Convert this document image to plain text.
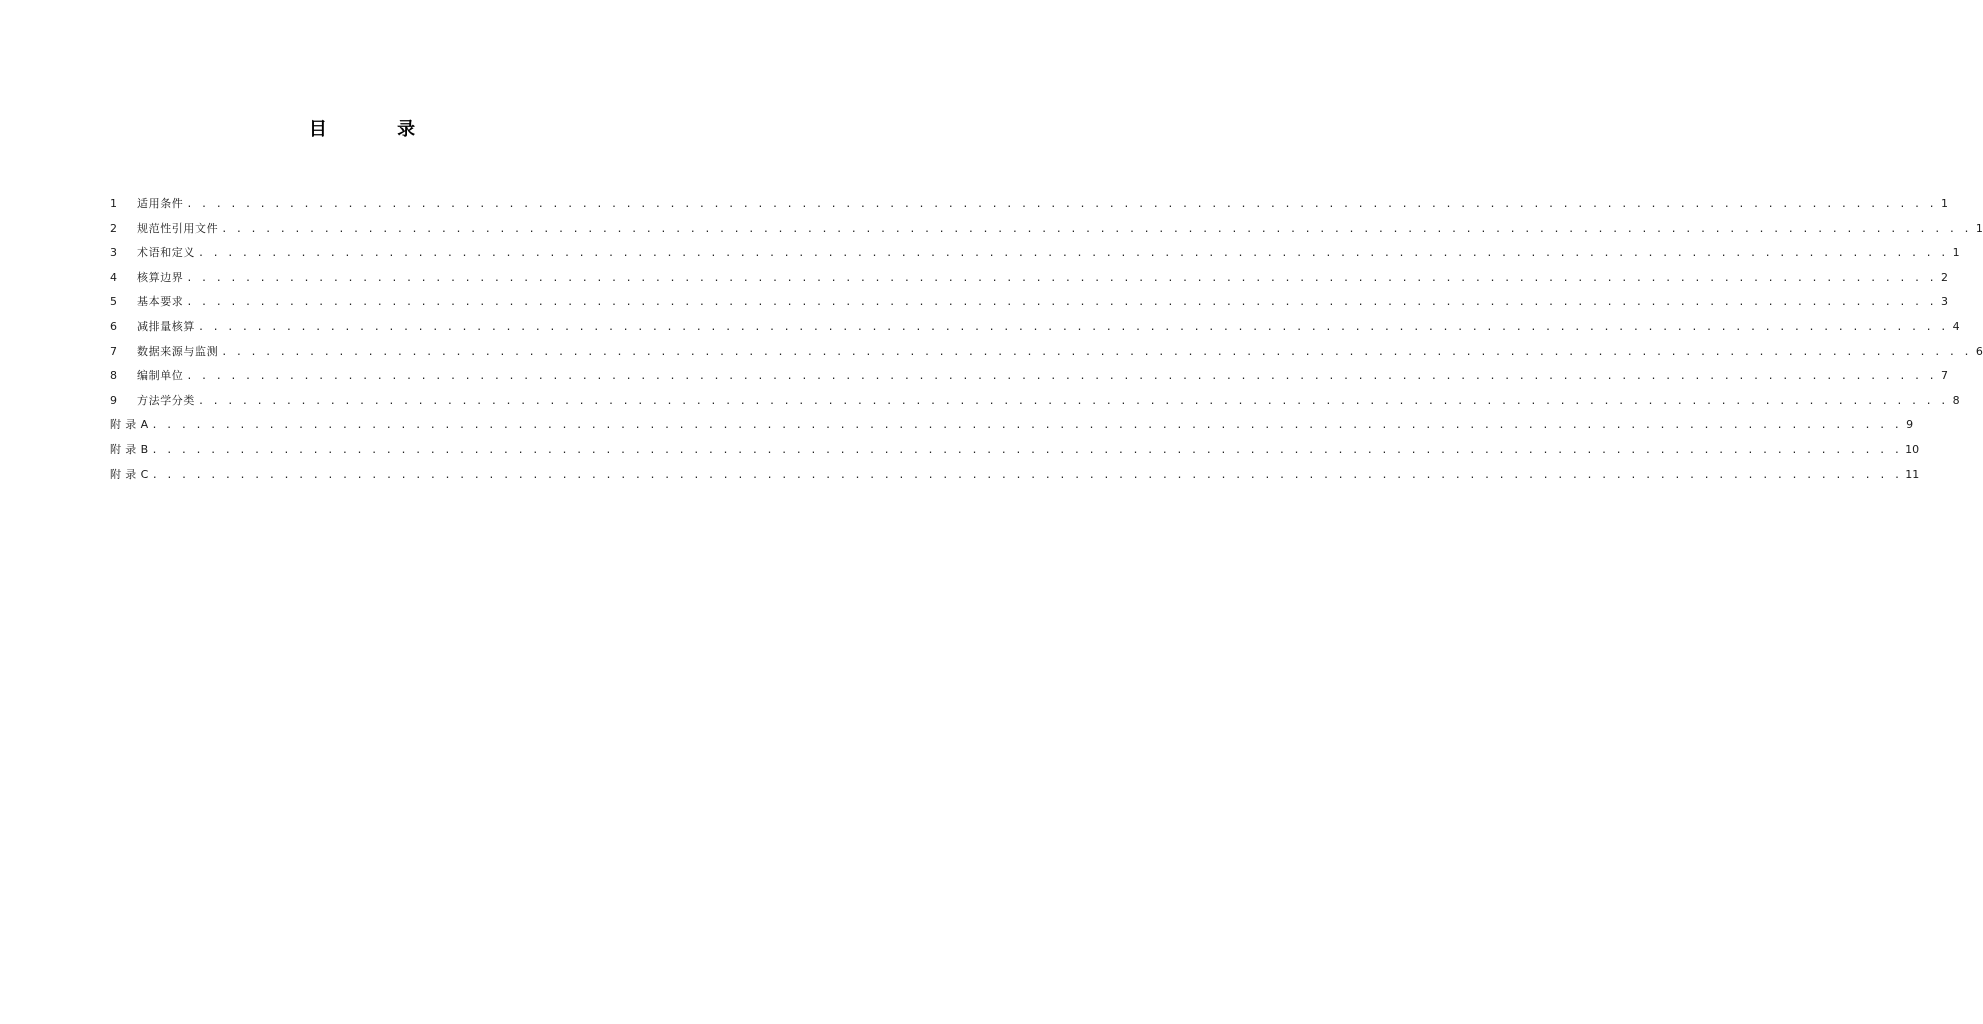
目 录
1	适用条件 . . . . . . . . . . . . . . . . . . . . . . . . . . . . . . . . . . . . . . . . . . . . . . . . . . . . . . . . . . . . . . . . . . . . . . . . . . . . . . . . . . . . . . . . . . . . . . . . . . . . . . . . . . . . . . . . . . . . . . . . 1
2	规范性引用文件 . . . . . . . . . . . . . . . . . . . . . . . . . . . . . . . . . . . . . . . . . . . . . . . . . . . . . . . . . . . . . . . . . . . . . . . . . . . . . . . . . . . . . . . . . . . . . . . . . . . . . . . . . . . . . . . . . . . . . . . . 1
3	术语和定义 . . . . . . . . . . . . . . . . . . . . . . . . . . . . . . . . . . . . . . . . . . . . . . . . . . . . . . . . . . . . . . . . . . . . . . . . . . . . . . . . . . . . . . . . . . . . . . . . . . . . . . . . . . . . . . . . . . . . . . . . 1
4	核算边界 . . . . . . . . . . . . . . . . . . . . . . . . . . . . . . . . . . . . . . . . . . . . . . . . . . . . . . . . . . . . . . . . . . . . . . . . . . . . . . . . . . . . . . . . . . . . . . . . . . . . . . . . . . . . . . . . . . . . . . . . 2
5	基本要求 . . . . . . . . . . . . . . . . . . . . . . . . . . . . . . . . . . . . . . . . . . . . . . . . . . . . . . . . . . . . . . . . . . . . . . . . . . . . . . . . . . . . . . . . . . . . . . . . . . . . . . . . . . . . . . . . . . . . . . . . 3
6	减排量核算 . . . . . . . . . . . . . . . . . . . . . . . . . . . . . . . . . . . . . . . . . . . . . . . . . . . . . . . . . . . . . . . . . . . . . . . . . . . . . . . . . . . . . . . . . . . . . . . . . . . . . . . . . . . . . . . . . . . . . . . . 4
7	数据来源与监测 . . . . . . . . . . . . . . . . . . . . . . . . . . . . . . . . . . . . . . . . . . . . . . . . . . . . . . . . . . . . . . . . . . . . . . . . . . . . . . . . . . . . . . . . . . . . . . . . . . . . . . . . . . . . . . . . . . . . . . . . 6
8	编制单位 . . . . . . . . . . . . . . . . . . . . . . . . . . . . . . . . . . . . . . . . . . . . . . . . . . . . . . . . . . . . . . . . . . . . . . . . . . . . . . . . . . . . . . . . . . . . . . . . . . . . . . . . . . . . . . . . . . . . . . . . 7
9	方法学分类 . . . . . . . . . . . . . . . . . . . . . . . . . . . . . . . . . . . . . . . . . . . . . . . . . . . . . . . . . . . . . . . . . . . . . . . . . . . . . . . . . . . . . . . . . . . . . . . . . . . . . . . . . . . . . . . . . . . . . . . . 8
附 录 A . . . . . . . . . . . . . . . . . . . . . . . . . . . . . . . . . . . . . . . . . . . . . . . . . . . . . . . . . . . . . . . . . . . . . . . . . . . . . . . . . . . . . . . . . . . . . . . . . . . . . . . . . . . . . . . . . . . . . . . . 9
附 录 B . . . . . . . . . . . . . . . . . . . . . . . . . . . . . . . . . . . . . . . . . . . . . . . . . . . . . . . . . . . . . . . . . . . . . . . . . . . . . . . . . . . . . . . . . . . . . . . . . . . . . . . . . . . . . . . . . . . . . . . . 10
附 录 C . . . . . . . . . . . . . . . . . . . . . . . . . . . . . . . . . . . . . . . . . . . . . . . . . . . . . . . . . . . . . . . . . . . . . . . . . . . . . . . . . . . . . . . . . . . . . . . . . . . . . . . . . . . . . . . . . . . . . . . . 11
